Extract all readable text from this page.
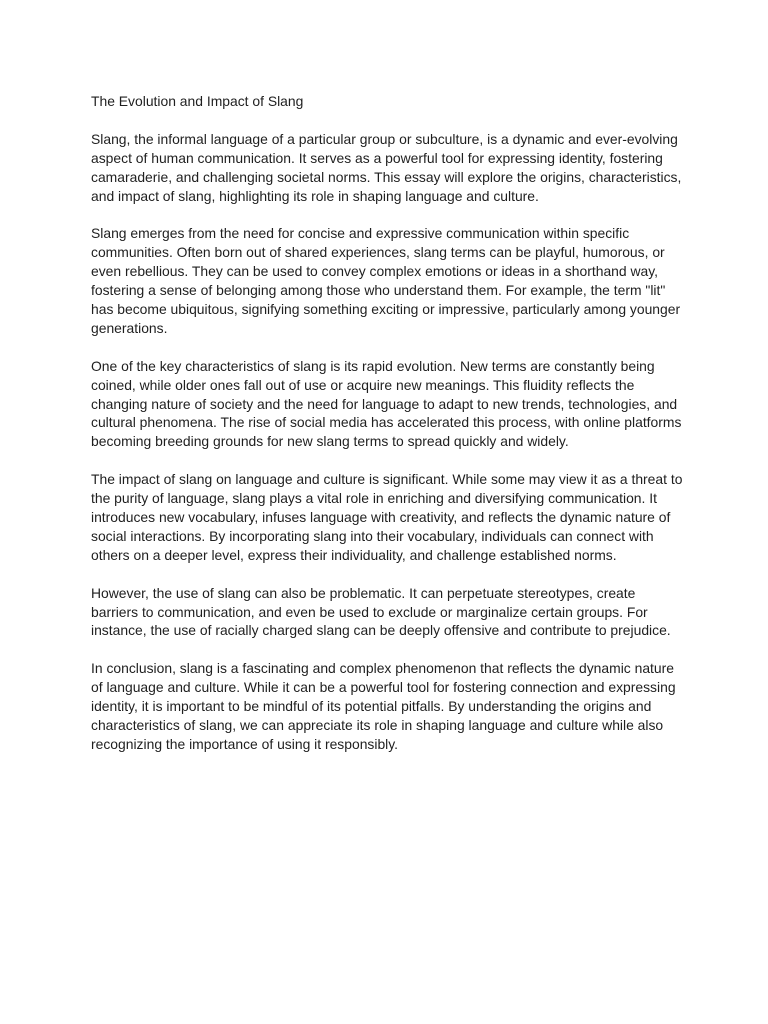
The Evolution and Impact of Slang

Slang, the informal language of a particular group or subculture, is a dynamic and ever-evolving aspect of human communication. It serves as a powerful tool for expressing identity, fostering camaraderie, and challenging societal norms. This essay will explore the origins, characteristics, and impact of slang, highlighting its role in shaping language and culture.

Slang emerges from the need for concise and expressive communication within specific communities. Often born out of shared experiences, slang terms can be playful, humorous, or even rebellious. They can be used to convey complex emotions or ideas in a shorthand way, fostering a sense of belonging among those who understand them. For example, the term "lit" has become ubiquitous, signifying something exciting or impressive, particularly among younger generations.

One of the key characteristics of slang is its rapid evolution. New terms are constantly being coined, while older ones fall out of use or acquire new meanings. This fluidity reflects the changing nature of society and the need for language to adapt to new trends, technologies, and cultural phenomena. The rise of social media has accelerated this process, with online platforms becoming breeding grounds for new slang terms to spread quickly and widely.

The impact of slang on language and culture is significant. While some may view it as a threat to the purity of language, slang plays a vital role in enriching and diversifying communication. It introduces new vocabulary, infuses language with creativity, and reflects the dynamic nature of social interactions. By incorporating slang into their vocabulary, individuals can connect with others on a deeper level, express their individuality, and challenge established norms.

However, the use of slang can also be problematic. It can perpetuate stereotypes, create barriers to communication, and even be used to exclude or marginalize certain groups. For instance, the use of racially charged slang can be deeply offensive and contribute to prejudice.

In conclusion, slang is a fascinating and complex phenomenon that reflects the dynamic nature of language and culture. While it can be a powerful tool for fostering connection and expressing identity, it is important to be mindful of its potential pitfalls. By understanding the origins and characteristics of slang, we can appreciate its role in shaping language and culture while also recognizing the importance of using it responsibly.
